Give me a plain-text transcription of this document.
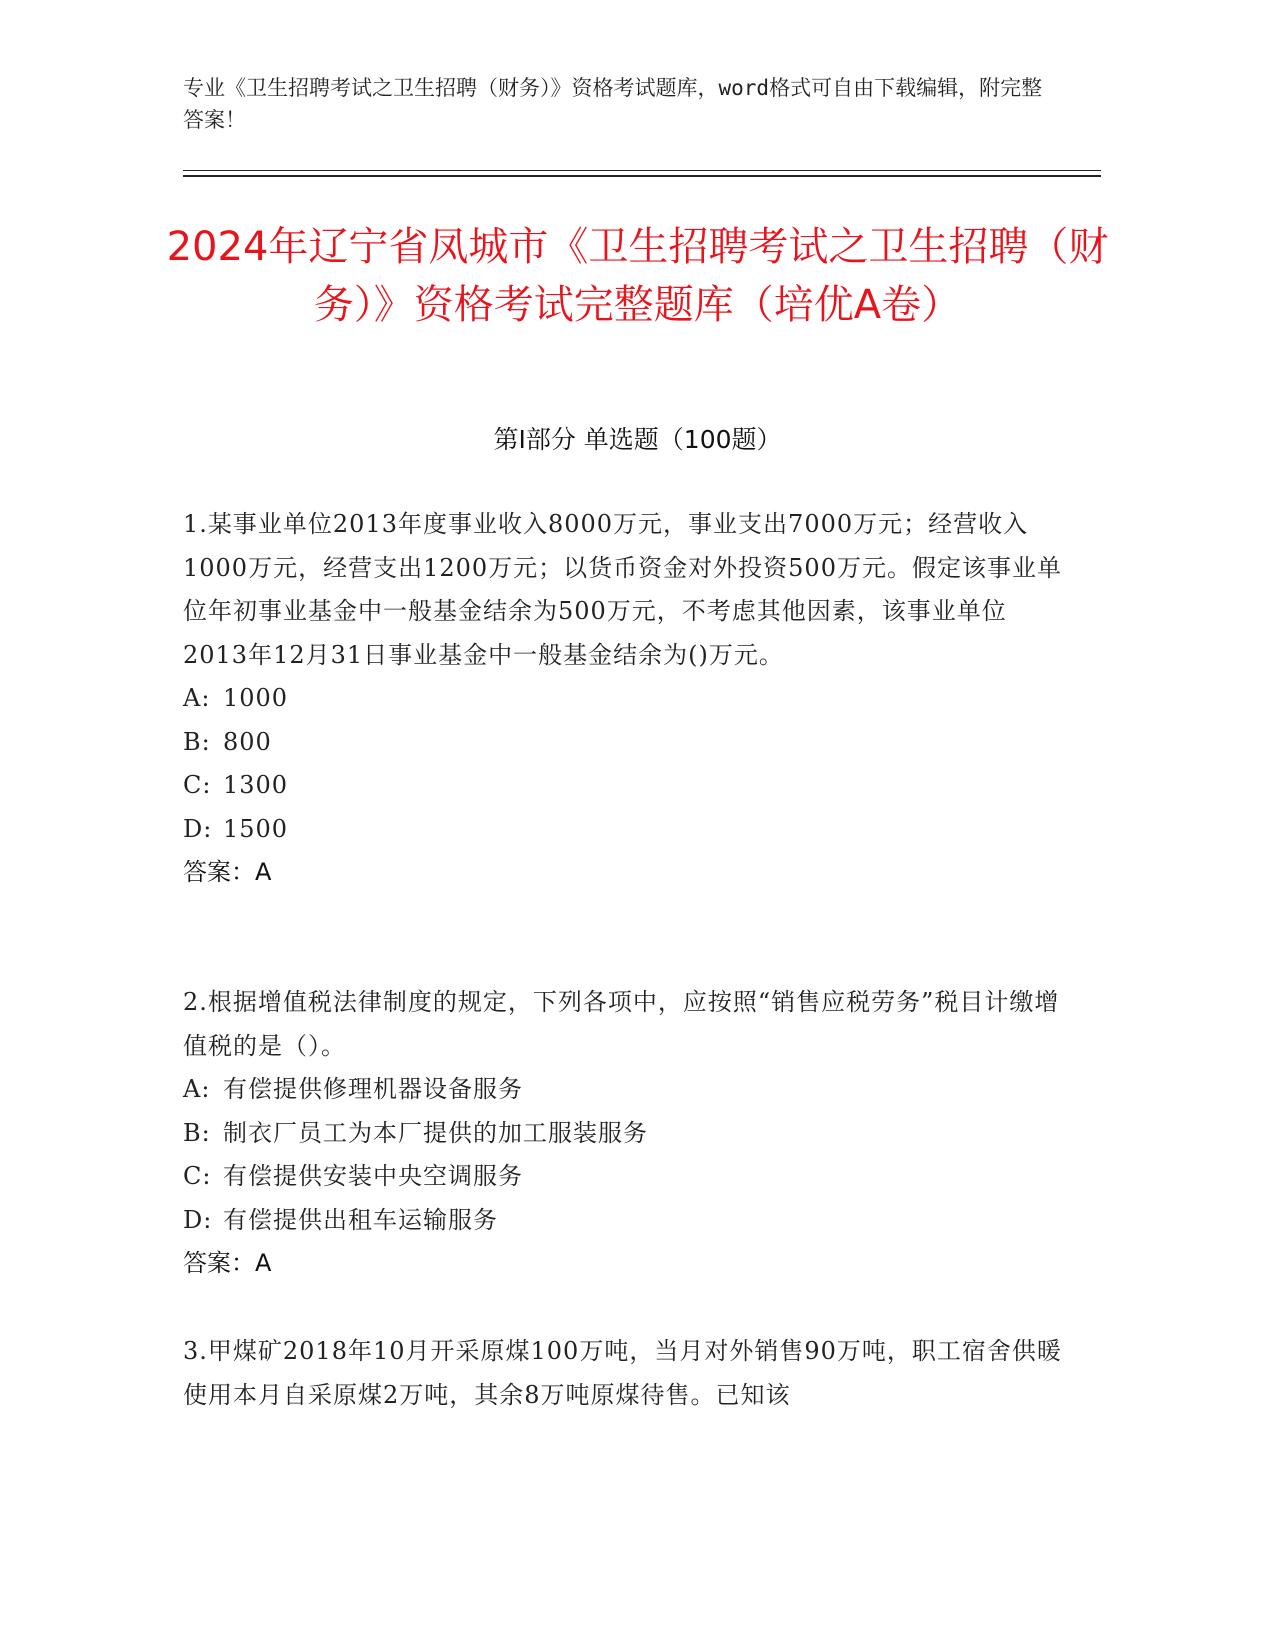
专业《卫生招聘考试之卫生招聘（财务）》资格考试题库，word格式可自由下载编辑，附完整答案！
2024年辽宁省凤城市《卫生招聘考试之卫生招聘（财务）》资格考试完整题库（培优A卷）
第I部分 单选题（100题）
1.某事业单位2013年度事业收入8000万元，事业支出7000万元；经营收入1000万元，经营支出1200万元；以货币资金对外投资500万元。假定该事业单位年初事业基金中一般基金结余为500万元，不考虑其他因素，该事业单位2013年12月31日事业基金中一般基金结余为()万元。
A: 1000
B: 800
C: 1300
D: 1500
答案：A
2.根据增值税法律制度的规定，下列各项中，应按照“销售应税劳务”税目计缴增值税的是（）。
A: 有偿提供修理机器设备服务
B: 制衣厂员工为本厂提供的加工服装服务
C: 有偿提供安装中央空调服务
D: 有偿提供出租车运输服务
答案：A
3.甲煤矿2018年10月开采原煤100万吨，当月对外销售90万吨，职工宿舍供暖使用本月自采原煤2万吨，其余8万吨原煤待售。已知该
